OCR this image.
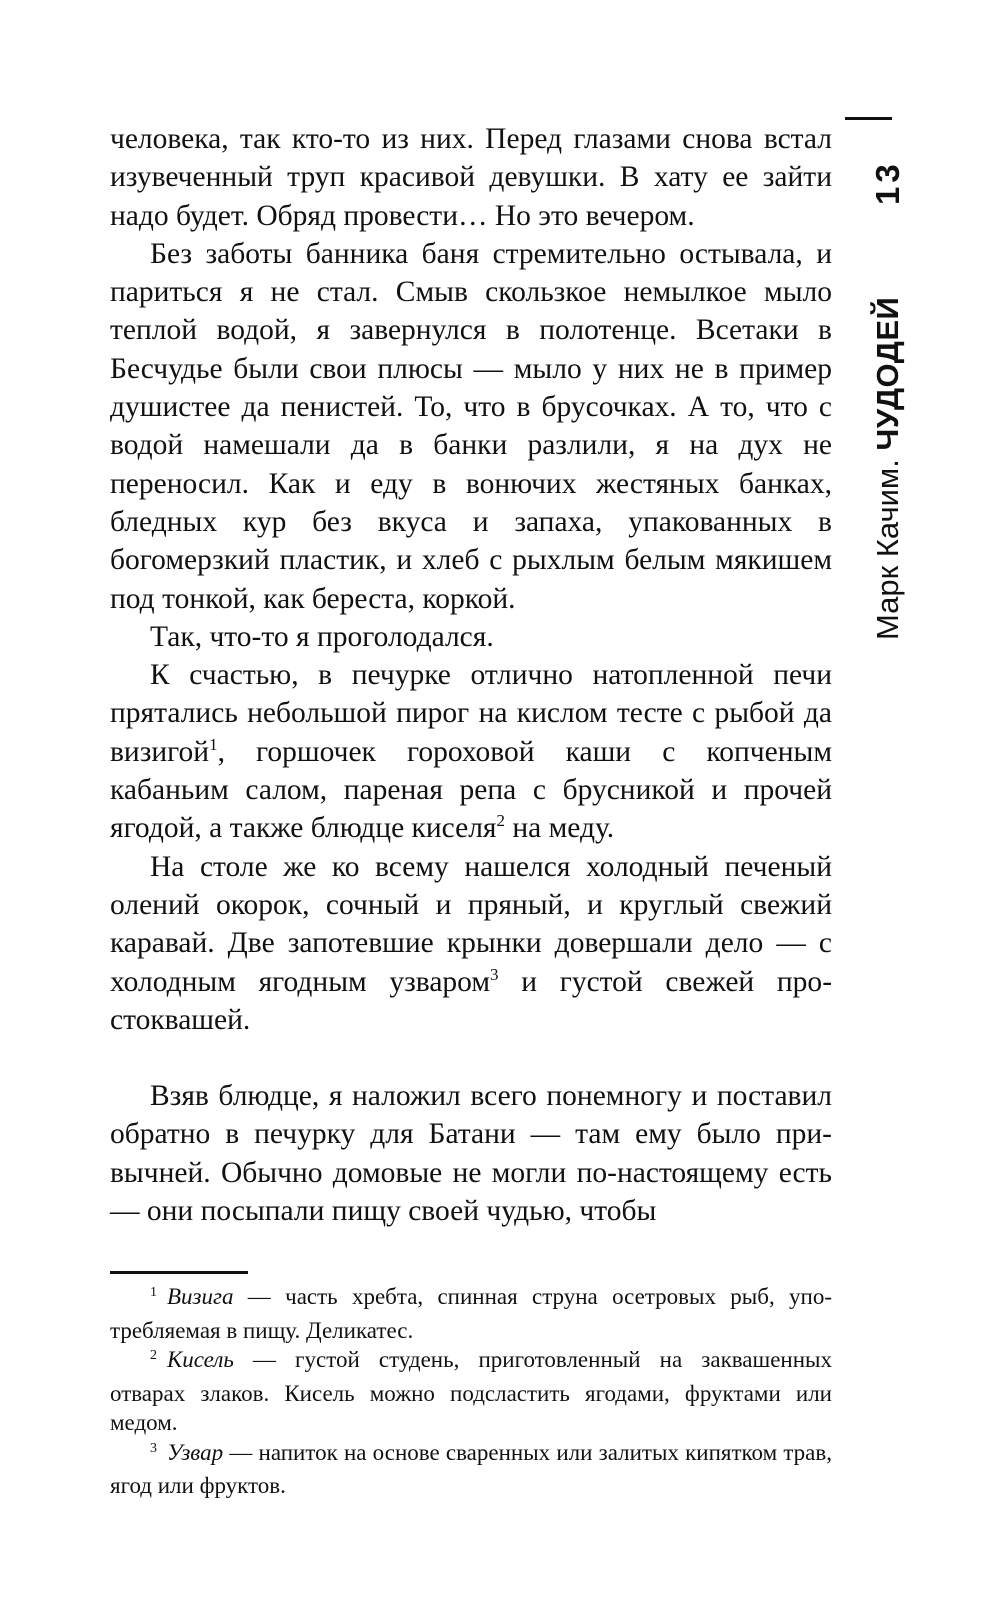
человека, так кто-то из них. Перед глазами снова встал изувеченный труп красивой девушки. В хату ее зайти надо будет. Обряд провести… Но это вечером.

Без заботы банника баня стремительно остывала, и париться я не стал. Смыв скользкое немылкое мыло теплой водой, я завернулся в полотенце. Всетаки в Бесчудье были свои плюсы — мыло у них не в пример душистее да пенистей. То, что в брусочках. А то, что с водой намешали да в банки разлили, я на дух не переносил. Как и еду в вонючих жестяных банках, бледных кур без вкуса и запаха, упакованных в богомерзкий пластик, и хлеб с рыхлым белым мякишем под тонкой, как береста, коркой.

Так, что-то я проголодался.

К счастью, в печурке отлично натопленной печи прятались небольшой пирог на кислом тесте с рыбой да визигой$^1$, горшочек гороховой каши с копченым кабаньим салом, пареная репа с брусникой и прочей ягодой, а также блюдце киселя$^2$ на меду.

На столе же ко всему нашелся холодный печеный олений окорок, сочный и пряный, и круглый свежий каравай. Две запотевшие крынки довершали дело — с холодным ягодным узваром$^3$ и густой свежей простоквашей.

Взяв блюдце, я наложил всего понемногу и поставил обратно в печурку для Батани — там ему было привычней. Обычно домовые не могли по-настоящему есть — они посыпали пищу своей чудью, чтобы

$^1$ Визига — часть хребта, спинная струна осетровых рыб, употребляемая в пищу. Деликатес.

$^2$ Кисель — густой студень, приготовленный на заквашенных отварах злаков. Кисель можно подсластить ягодами, фруктами или медом.

$^3$ Узвар — напиток на основе сваренных или залитых кипятком трав, ягод или фруктов.

13
Марк Качим. ЧУДОДЕЙ
